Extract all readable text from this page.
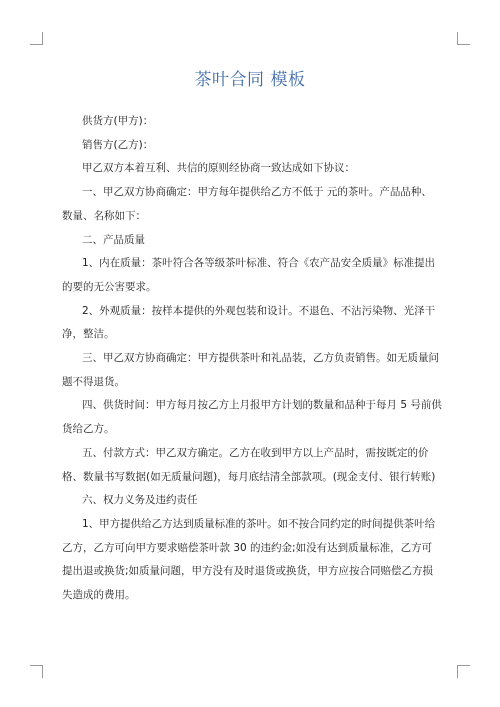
茶叶合同 模板

供货方(甲方)：

销售方(乙方)：

甲乙双方本着互利、共信的原则经协商一致达成如下协议：

一、甲乙双方协商确定：甲方每年提供给乙方不低于 元的茶叶。产品品种、数量、名称如下：

二、产品质量

1、内在质量：茶叶符合各等级茶叶标准、符合《农产品安全质量》标准提出的要的无公害要求。

2、外观质量：按样本提供的外观包装和设计。不退色、不沾污染物、光泽干净，整洁。

三、甲乙双方协商确定：甲方提供茶叶和礼品装，乙方负责销售。如无质量问题不得退货。

四、供货时间：甲方每月按乙方上月报甲方计划的数量和品种于每月 5 号前供货给乙方。

五、付款方式：甲乙双方确定。乙方在收到甲方以上产品时，需按既定的价格、数量书写数据(如无质量问题)，每月底结清全部款项。(现金支付、银行转账)

六、权力义务及违约责任

1、甲方提供给乙方达到质量标准的茶叶。如不按合同约定的时间提供茶叶给乙方，乙方可向甲方要求赔偿茶叶款 30 的违约金;如没有达到质量标准，乙方可提出退或换货;如质量问题，甲方没有及时退货或换货，甲方应按合同赔偿乙方损失造成的费用。
